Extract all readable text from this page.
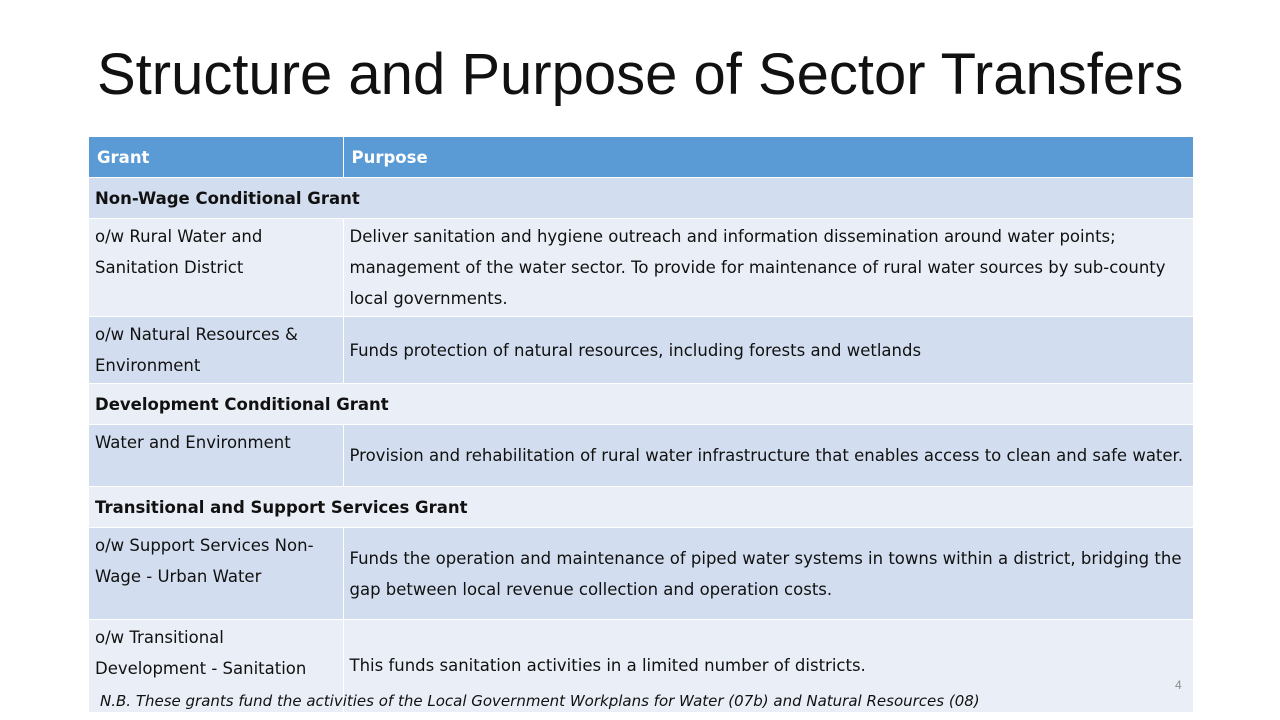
Structure and Purpose of Sector Transfers
Grant	Purpose
Non-Wage Conditional Grant	
o/w Rural Water and Sanitation District	Deliver sanitation and hygiene outreach and information dissemination around water points; management of the water sector. To provide for maintenance of rural water sources by sub-county local governments.
o/w Natural Resources & Environment	Funds protection of natural resources, including forests and wetlands
Development Conditional Grant	
Water and Environment	Provision and rehabilitation of rural water infrastructure that enables access to clean and safe water.
Transitional and Support Services Grant	
o/w Support Services Non-Wage - Urban Water	Funds the operation and maintenance of piped water systems in towns within a district, bridging the gap between local revenue collection and operation costs.
o/w Transitional Development - Sanitation	This funds sanitation activities in a limited number of districts.
4
N.B. These grants fund the activities of the Local Government Workplans for Water (07b) and Natural Resources (08)
